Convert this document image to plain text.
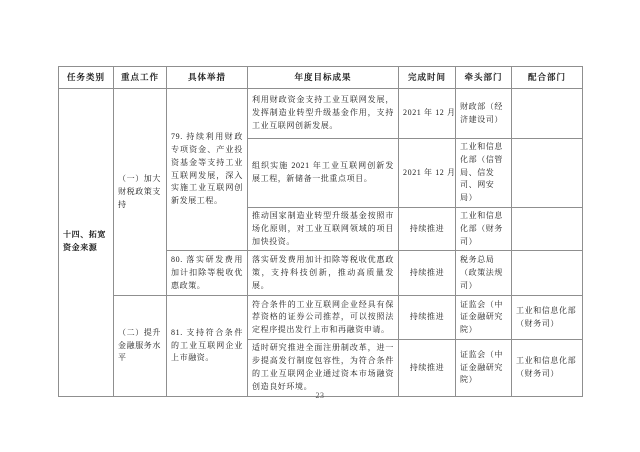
任务类别	重点工作	具体举措	年度目标成果	完成时间	牵头部门	配合部门
十四、拓宽资金来源	（一）加大财税政策支持	79. 持续利用财政专项资金、产业投资基金等支持工业互联网发展，深入实施工业互联网创新发展工程。	利用财政资金支持工业互联网发展，发挥制造业转型升级基金作用，支持工业互联网创新发展。	2021 年 12 月	财政部（经济建设司）	
			组织实施 2021 年工业互联网创新发展工程，新储备一批重点项目。	2021 年 12 月	工业和信息化部（信管局、信发司、网安局）	
			推动国家制造业转型升级基金按照市场化原则，对工业互联网领域的项目加快投资。	持续推进	工业和信息化部（财务司）	
		80. 落实研发费用加计扣除等税收优惠政策。	落实研发费用加计扣除等税收优惠政策，支持科技创新，推动高质量发展。	持续推进	税务总局（政策法规司）	
	（二）提升金融服务水平	81. 支持符合条件的工业互联网企业上市融资。	符合条件的工业互联网企业经具有保荐资格的证券公司推荐，可以按照法定程序提出发行上市和再融资申请。	持续推进	证监会（中证金融研究院）	工业和信息化部（财务司）
			适时研究推进全面注册制改革，进一步提高发行制度包容性，为符合条件的工业互联网企业通过资本市场融资创造良好环境。	持续推进	证监会（中证金融研究院）	工业和信息化部（财务司）
23
